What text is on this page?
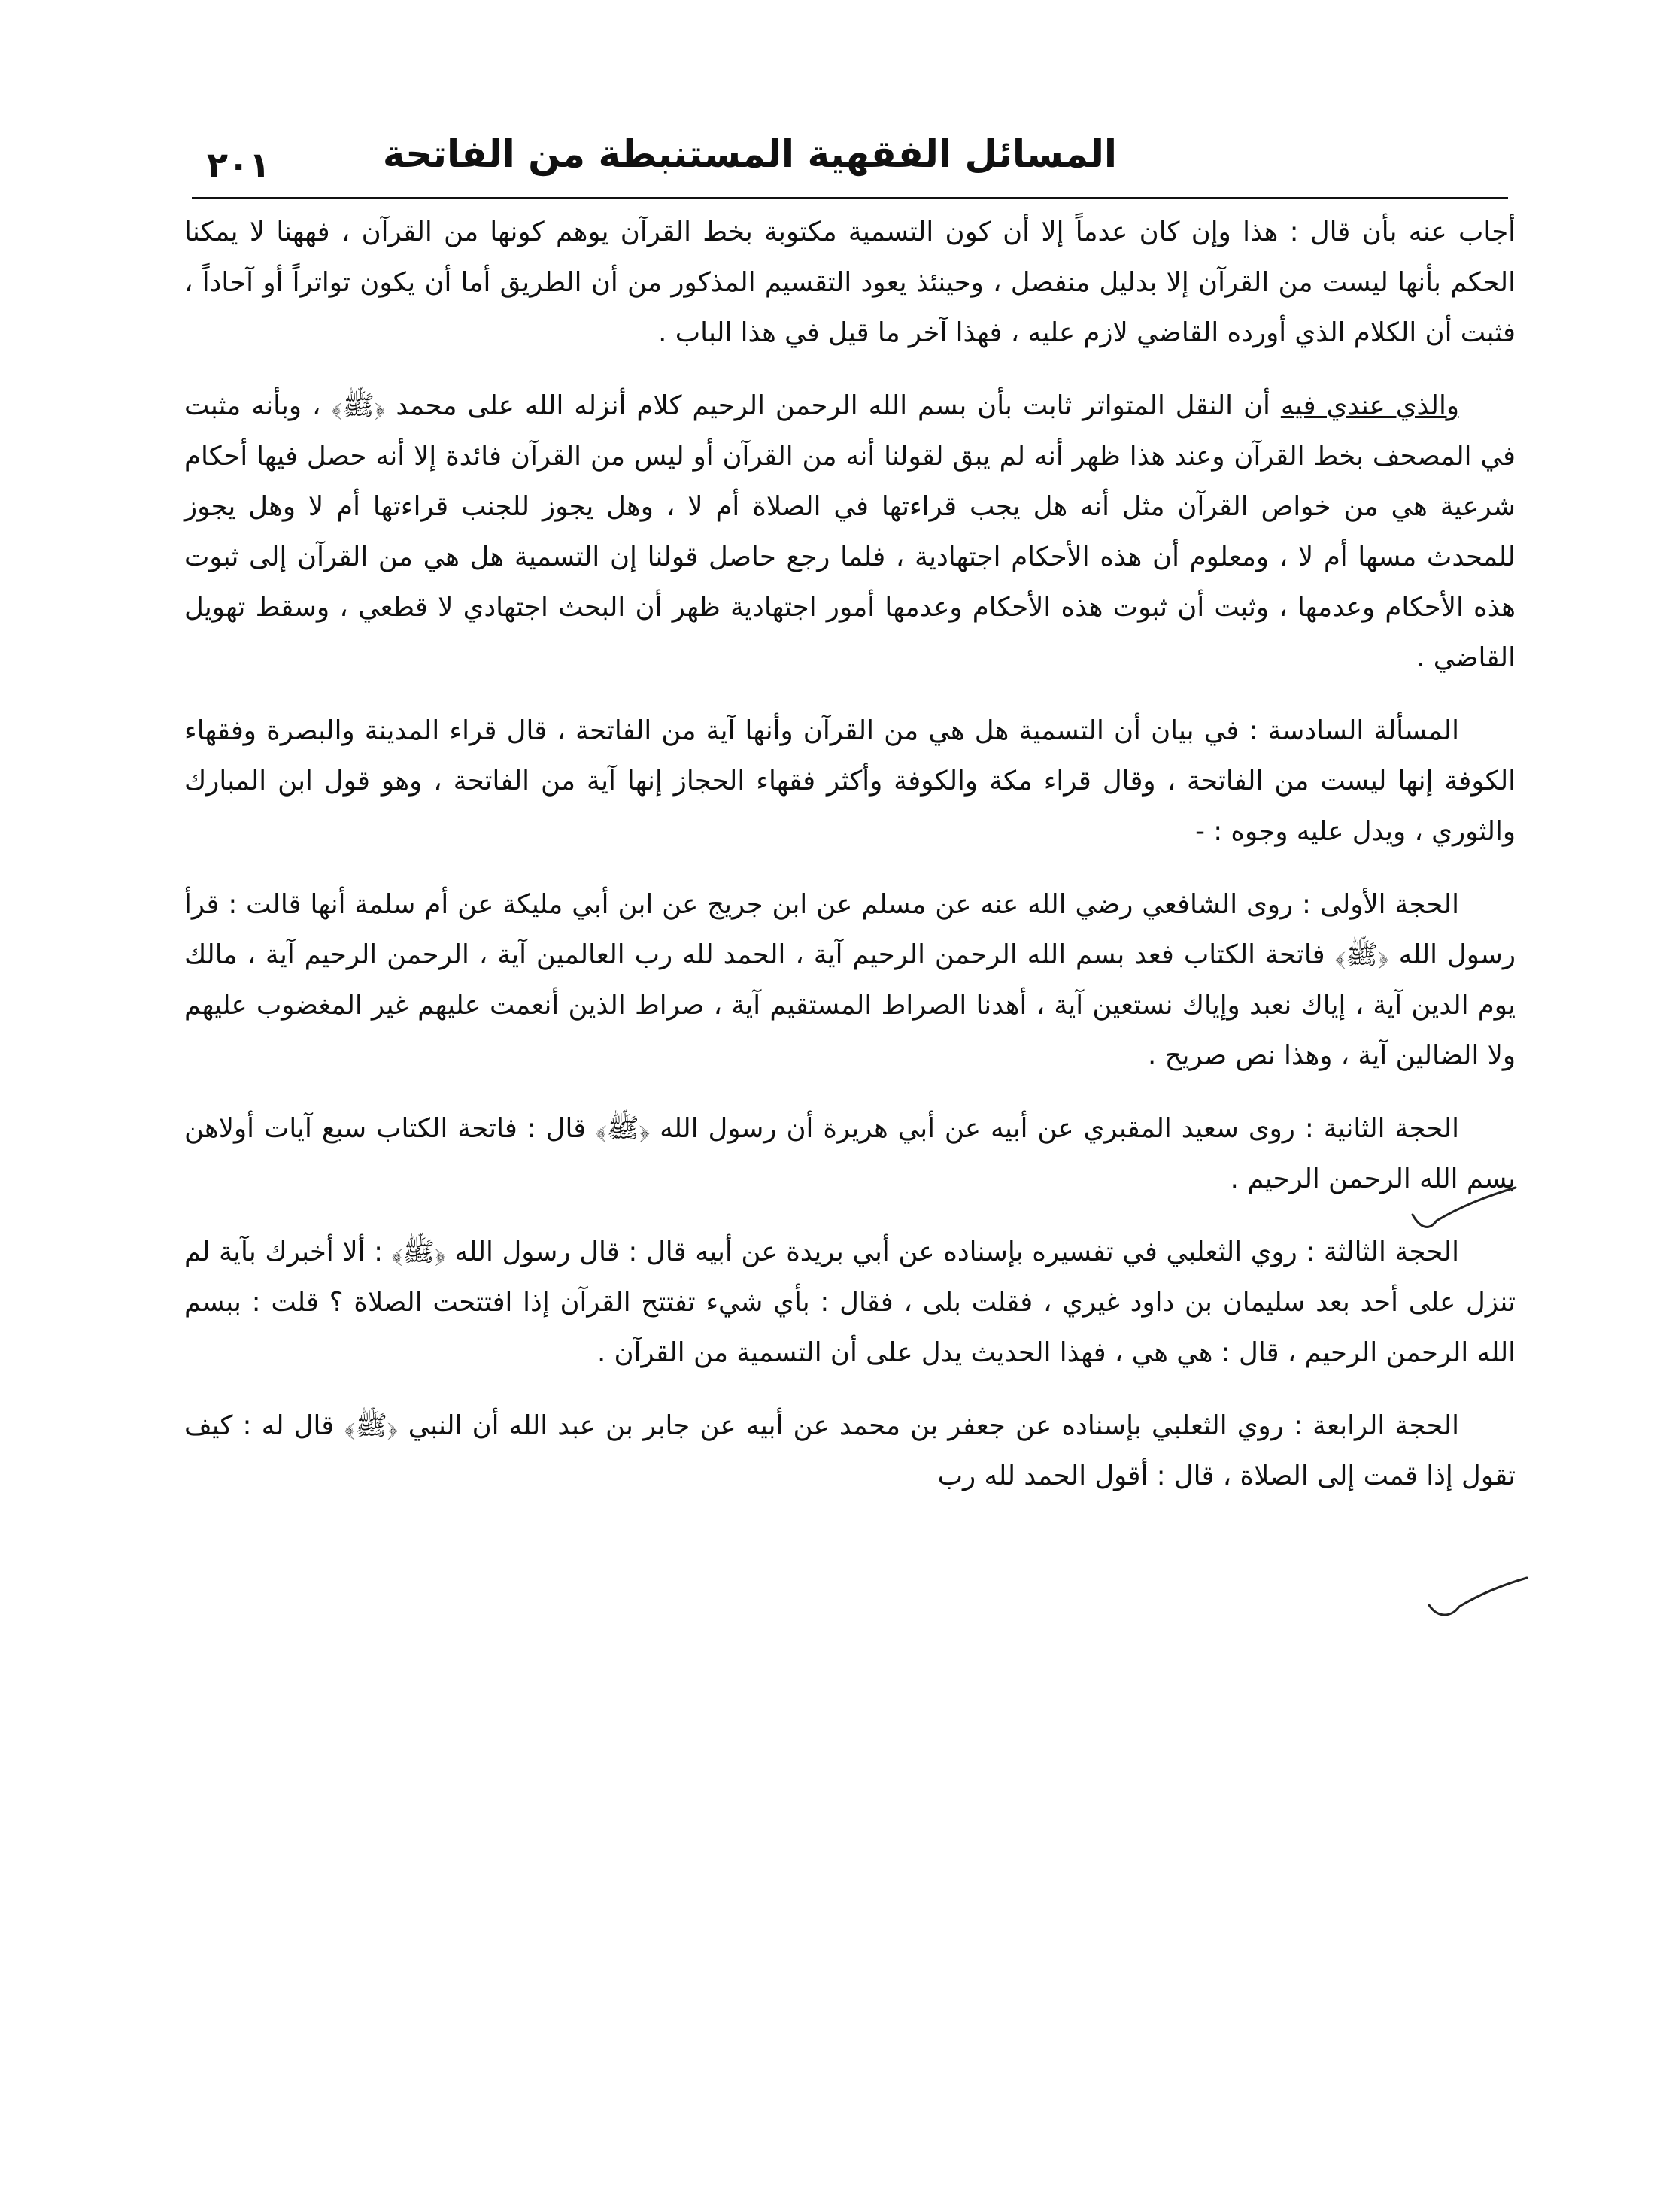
المسائل الفقهية المستنبطة من الفاتحة
٢٠١

أجاب عنه بأن قال : هذا وإن كان عدماً إلا أن كون التسمية مكتوبة بخط القرآن يوهم كونها من القرآن ، فههنا لا يمكنا الحكم بأنها ليست من القرآن إلا بدليل منفصل ، وحينئذ يعود التقسيم المذكور من أن الطريق أما أن يكون تواتراً أو آحاداً ، فثبت أن الكلام الذي أورده القاضي لازم عليه ، فهذا آخر ما قيل في هذا الباب .

والذي عندي فيه أن النقل المتواتر ثابت بأن بسم الله الرحمن الرحيم كلام أنزله الله على محمد ﴿ﷺ﴾ ، وبأنه مثبت في المصحف بخط القرآن وعند هذا ظهر أنه لم يبق لقولنا أنه من القرآن أو ليس من القرآن فائدة إلا أنه حصل فيها أحكام شرعية هي من خواص القرآن مثل أنه هل يجب قراءتها في الصلاة أم لا ، وهل يجوز للجنب قراءتها أم لا وهل يجوز للمحدث مسها أم لا ، ومعلوم أن هذه الأحكام اجتهادية ، فلما رجع حاصل قولنا إن التسمية هل هي من القرآن إلى ثبوت هذه الأحكام وعدمها ، وثبت أن ثبوت هذه الأحكام وعدمها أمور اجتهادية ظهر أن البحث اجتهادي لا قطعي ، وسقط تهويل القاضي .

المسألة السادسة : في بيان أن التسمية هل هي من القرآن وأنها آية من الفاتحة ، قال قراء المدينة والبصرة وفقهاء الكوفة إنها ليست من الفاتحة ، وقال قراء مكة والكوفة وأكثر فقهاء الحجاز إنها آية من الفاتحة ، وهو قول ابن المبارك والثوري ، ويدل عليه وجوه : -

الحجة الأولى : روى الشافعي رضي الله عنه عن مسلم عن ابن جريج عن ابن أبي مليكة عن أم سلمة أنها قالت : قرأ رسول الله ﴿ﷺ﴾ فاتحة الكتاب فعد بسم الله الرحمن الرحيم آية ، الحمد لله رب العالمين آية ، الرحمن الرحيم آية ، مالك يوم الدين آية ، إياك نعبد وإياك نستعين آية ، أهدنا الصراط المستقيم آية ، صراط الذين أنعمت عليهم غير المغضوب عليهم ولا الضالين آية ، وهذا نص صريح .

الحجة الثانية : روى سعيد المقبري عن أبيه عن أبي هريرة أن رسول الله ﴿ﷺ﴾ قال : فاتحة الكتاب سبع آيات أولاهن بسم الله الرحمن الرحيم .

الحجة الثالثة : روي الثعلبي في تفسيره بإسناده عن أبي بريدة عن أبيه قال : قال رسول الله ﴿ﷺ﴾ : ألا أخبرك بآية لم تنزل على أحد بعد سليمان بن داود غيري ، فقلت بلى ، فقال : بأي شيء تفتتح القرآن إذا افتتحت الصلاة ؟ قلت : ببسم الله الرحمن الرحيم ، قال : هي هي ، فهذا الحديث يدل على أن التسمية من القرآن .

الحجة الرابعة : روي الثعلبي بإسناده عن جعفر بن محمد عن أبيه عن جابر بن عبد الله أن النبي ﴿ﷺ﴾ قال له : كيف تقول إذا قمت إلى الصلاة ، قال : أقول الحمد لله رب
